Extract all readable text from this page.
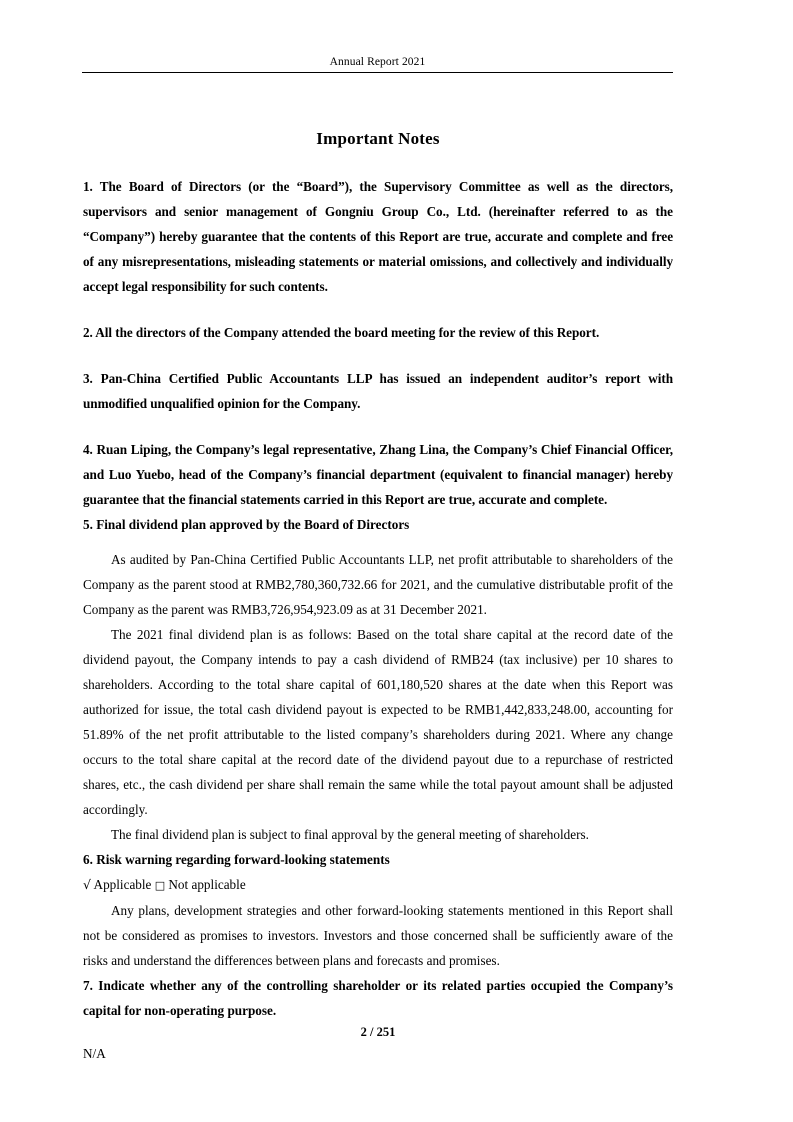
Annual Report 2021
Important Notes

1. The Board of Directors (or the “Board”), the Supervisory Committee as well as the directors, supervisors and senior management of Gongniu Group Co., Ltd. (hereinafter referred to as the “Company”) hereby guarantee that the contents of this Report are true, accurate and complete and free of any misrepresentations, misleading statements or material omissions, and collectively and individually accept legal responsibility for such contents.

2. All the directors of the Company attended the board meeting for the review of this Report.

3. Pan-China Certified Public Accountants LLP has issued an independent auditor’s report with unmodified unqualified opinion for the Company.

4. Ruan Liping, the Company’s legal representative, Zhang Lina, the Company’s Chief Financial Officer, and Luo Yuebo, head of the Company’s financial department (equivalent to financial manager) hereby guarantee that the financial statements carried in this Report are true, accurate and complete.

5. Final dividend plan approved by the Board of Directors

As audited by Pan-China Certified Public Accountants LLP, net profit attributable to shareholders of the Company as the parent stood at RMB2,780,360,732.66 for 2021, and the cumulative distributable profit of the Company as the parent was RMB3,726,954,923.09 as at 31 December 2021.

The 2021 final dividend plan is as follows: Based on the total share capital at the record date of the dividend payout, the Company intends to pay a cash dividend of RMB24 (tax inclusive) per 10 shares to shareholders. According to the total share capital of 601,180,520 shares at the date when this Report was authorized for issue, the total cash dividend payout is expected to be RMB1,442,833,248.00, accounting for 51.89% of the net profit attributable to the listed company’s shareholders during 2021. Where any change occurs to the total share capital at the record date of the dividend payout due to a repurchase of restricted shares, etc., the cash dividend per share shall remain the same while the total payout amount shall be adjusted accordingly.

The final dividend plan is subject to final approval by the general meeting of shareholders.

6. Risk warning regarding forward-looking statements

√ Applicable □ Not applicable

Any plans, development strategies and other forward-looking statements mentioned in this Report shall not be considered as promises to investors. Investors and those concerned shall be sufficiently aware of the risks and understand the differences between plans and forecasts and promises.

7. Indicate whether any of the controlling shareholder or its related parties occupied the Company’s capital for non-operating purpose.

N/A

2 / 251
